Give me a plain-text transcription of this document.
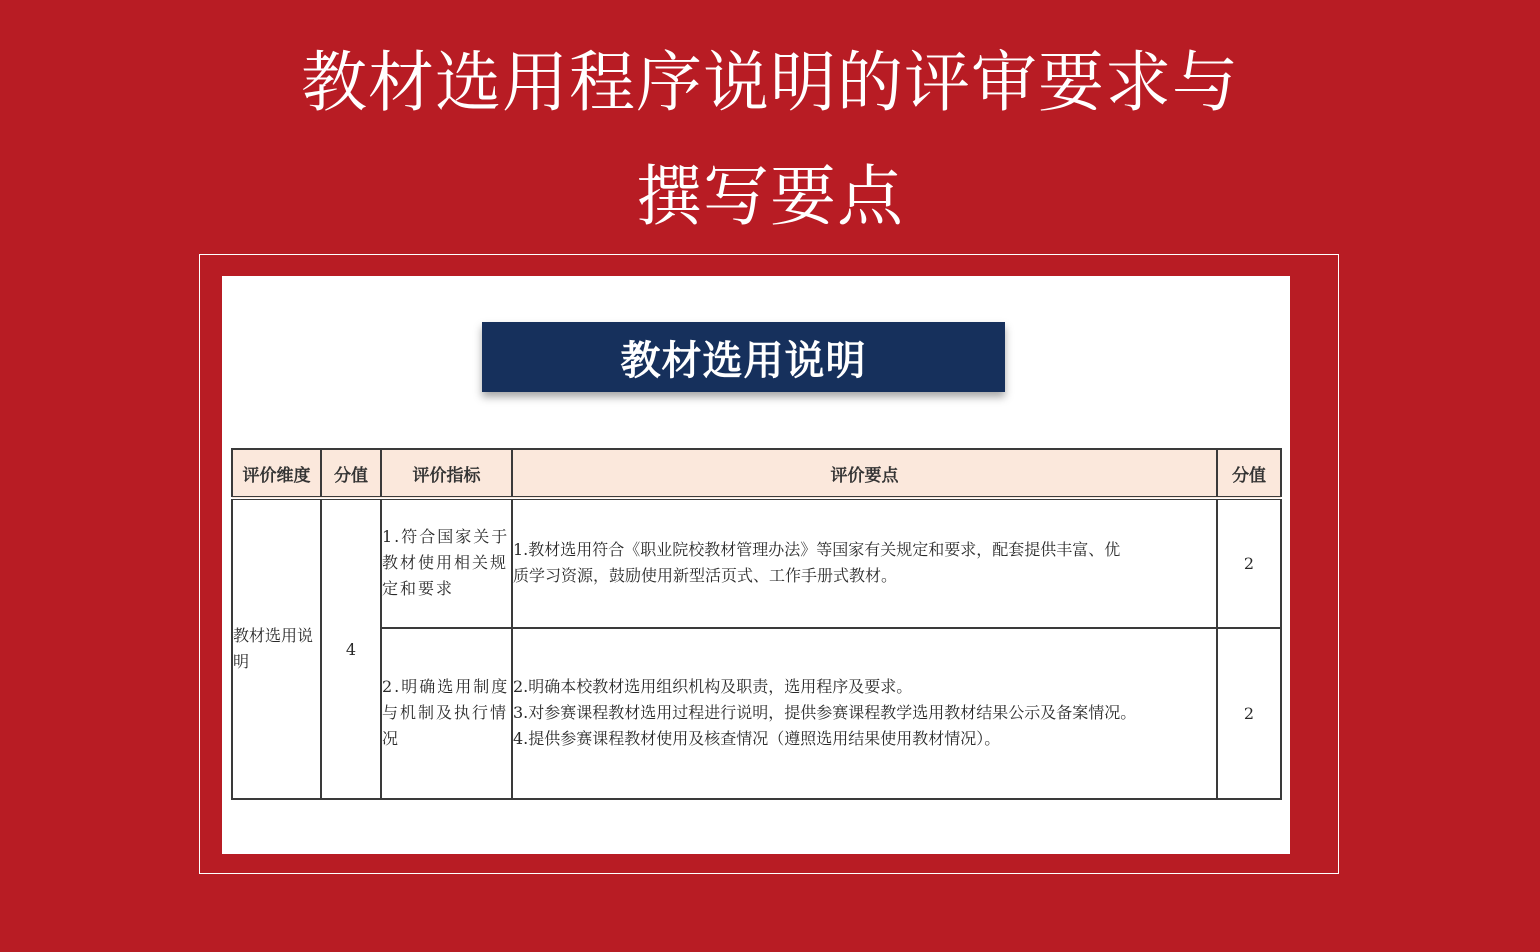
教材选用程序说明的评审要求与
撰写要点
教材选用说明
评价维度	分值	评价指标	评价要点	分值
教材选用说明	4	1.符合国家关于教材使用相关规定和要求	1.教材选用符合《职业院校教材管理办法》等国家有关规定和要求，配套提供丰富、优
质学习资源，鼓励使用新型活页式、工作手册式教材。	2
		2.明确选用制度与机制及执行情况	2.明确本校教材选用组织机构及职责，选用程序及要求。
3.对参赛课程教材选用过程进行说明，提供参赛课程教学选用教材结果公示及备案情况。
4.提供参赛课程教材使用及核查情况（遵照选用结果使用教材情况）。	2
